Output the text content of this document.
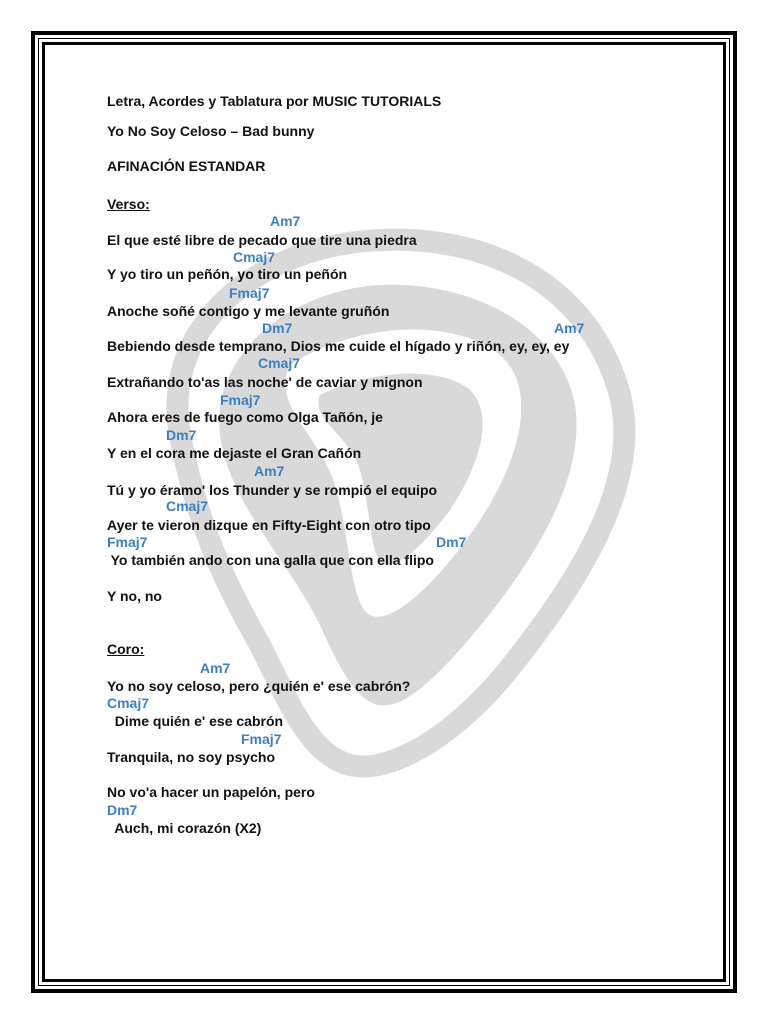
Letra, Acordes y Tablatura por MUSIC TUTORIALS
Yo No Soy Celoso – Bad bunny
AFINACIÓN ESTANDAR
Verso:
Am7
El que esté libre de pecado que tire una piedra
Cmaj7
Y yo tiro un peñón, yo tiro un peñón
Fmaj7
Anoche soñé contigo y me levante gruñón
Dm7	Am7
Bebiendo desde temprano, Dios me cuide el hígado y riñón, ey, ey, ey
Cmaj7
Extrañando to'as las noche' de caviar y mignon
Fmaj7
Ahora eres de fuego como Olga Tañón, je
Dm7
Y en el cora me dejaste el Gran Cañón
Am7
Tú y yo éramo' los Thunder y se rompió el equipo
Cmaj7
Ayer te vieron dizque en Fifty-Eight con otro tipo
Fmaj7	Dm7
Yo también ando con una galla que con ella flipo
Y no, no
Coro:
Am7
Yo no soy celoso, pero ¿quién e' ese cabrón?
Cmaj7
Dime quién e' ese cabrón
Fmaj7
Tranquila, no soy psycho
No vo'a hacer un papelón, pero
Dm7
Auch, mi corazón (X2)
